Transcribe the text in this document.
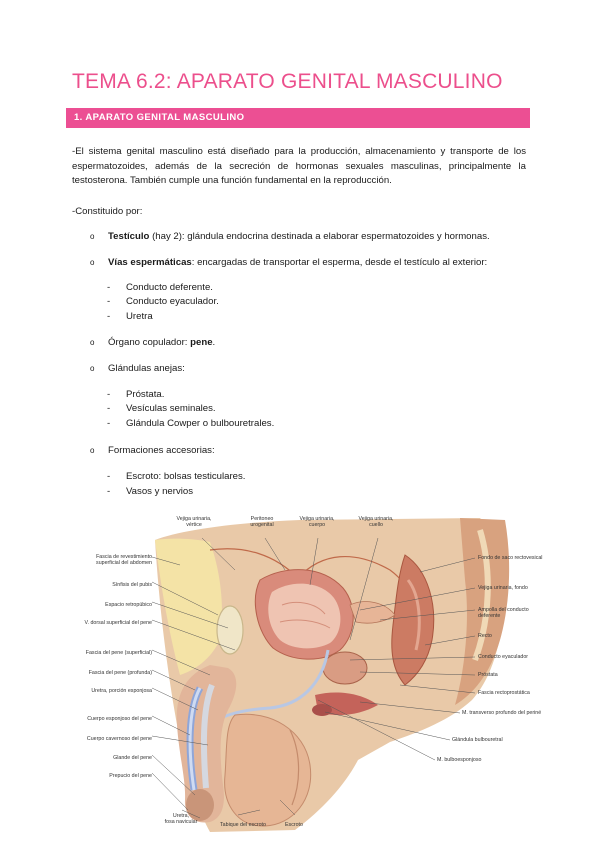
TEMA 6.2: APARATO GENITAL MASCULINO
1. APARATO GENITAL MASCULINO
-El sistema genital masculino está diseñado para la producción, almacenamiento y transporte de los espermatozoides, además de la secreción de hormonas sexuales masculinas, principalmente la testosterona. También cumple una función fundamental en la reproducción.
-Constituido por:
o Testículo (hay 2): glándula endocrina destinada a elaborar espermatozoides y hormonas.
o Vías espermáticas: encargadas de transportar el esperma, desde el testículo al exterior:
- Conducto deferente.
- Conducto eyaculador.
- Uretra
o Órgano copulador: pene.
o Glándulas anejas:
- Próstata.
- Vesículas seminales.
- Glándula Cowper o bulbouretrales.
o Formaciones accesorias:
- Escroto: bolsas testiculares.
- Vasos y nervios
Vejiga urinaria,
vértice
Peritoneo
urogenital
Vejiga urinaria,
cuerpo
Vejiga urinaria,
cuello
Fascia de revestimiento
superficial del abdomen
Sínfisis del pubis
Espacio retropúbico
V. dorsal superficial del pene
Fascia del pene (superficial)
Fascia del pene (profunda)
Uretra, porción esponjosa
Cuerpo esponjoso del pene
Cuerpo cavernoso del pene
Glande del pene
Prepucio del pene
Fondo de saco rectovesical
Vejiga urinaria, fondo
Ampolla del conducto
deferente
Recto
Conducto eyaculador
Próstata
Fascia rectoprostática
M. transverso profundo del periné
Glándula bulbouretral
M. bulboesponjoso
Uretra,
fosa navicular	Tabique del escroto	Escroto
